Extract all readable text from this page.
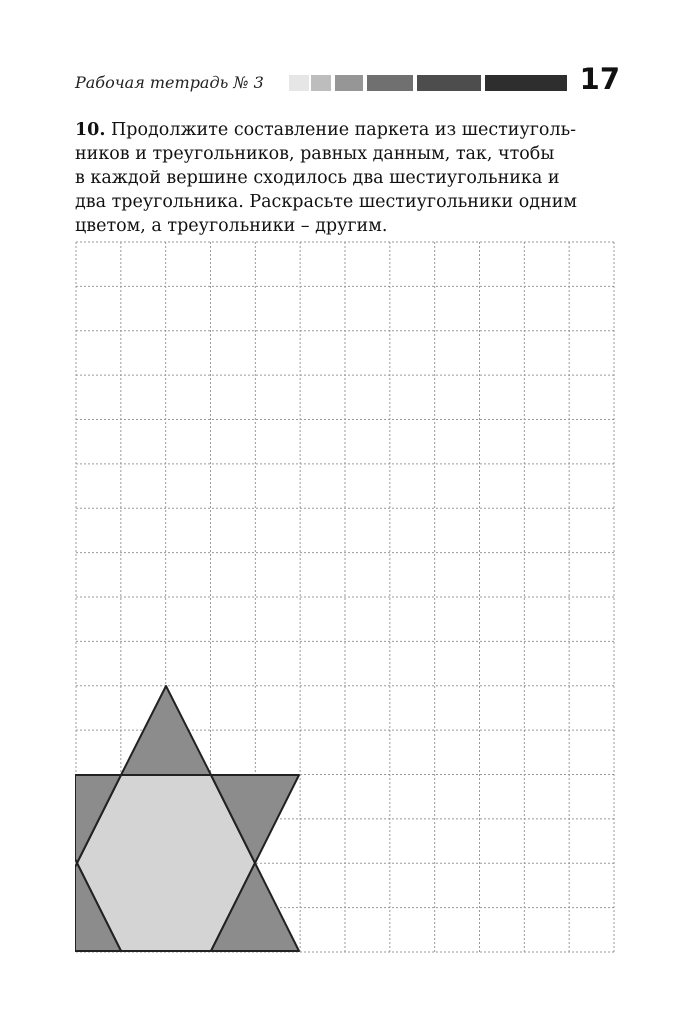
Рабочая тетрадь № 3	17
10. Продолжите составление паркета из шестиуголь-
ников и треугольников, равных данным, так, чтобы
в каждой вершине сходилось два шестиугольника и
два треугольника. Раскрасьте шестиугольники одним
цветом, а треугольники – другим.
